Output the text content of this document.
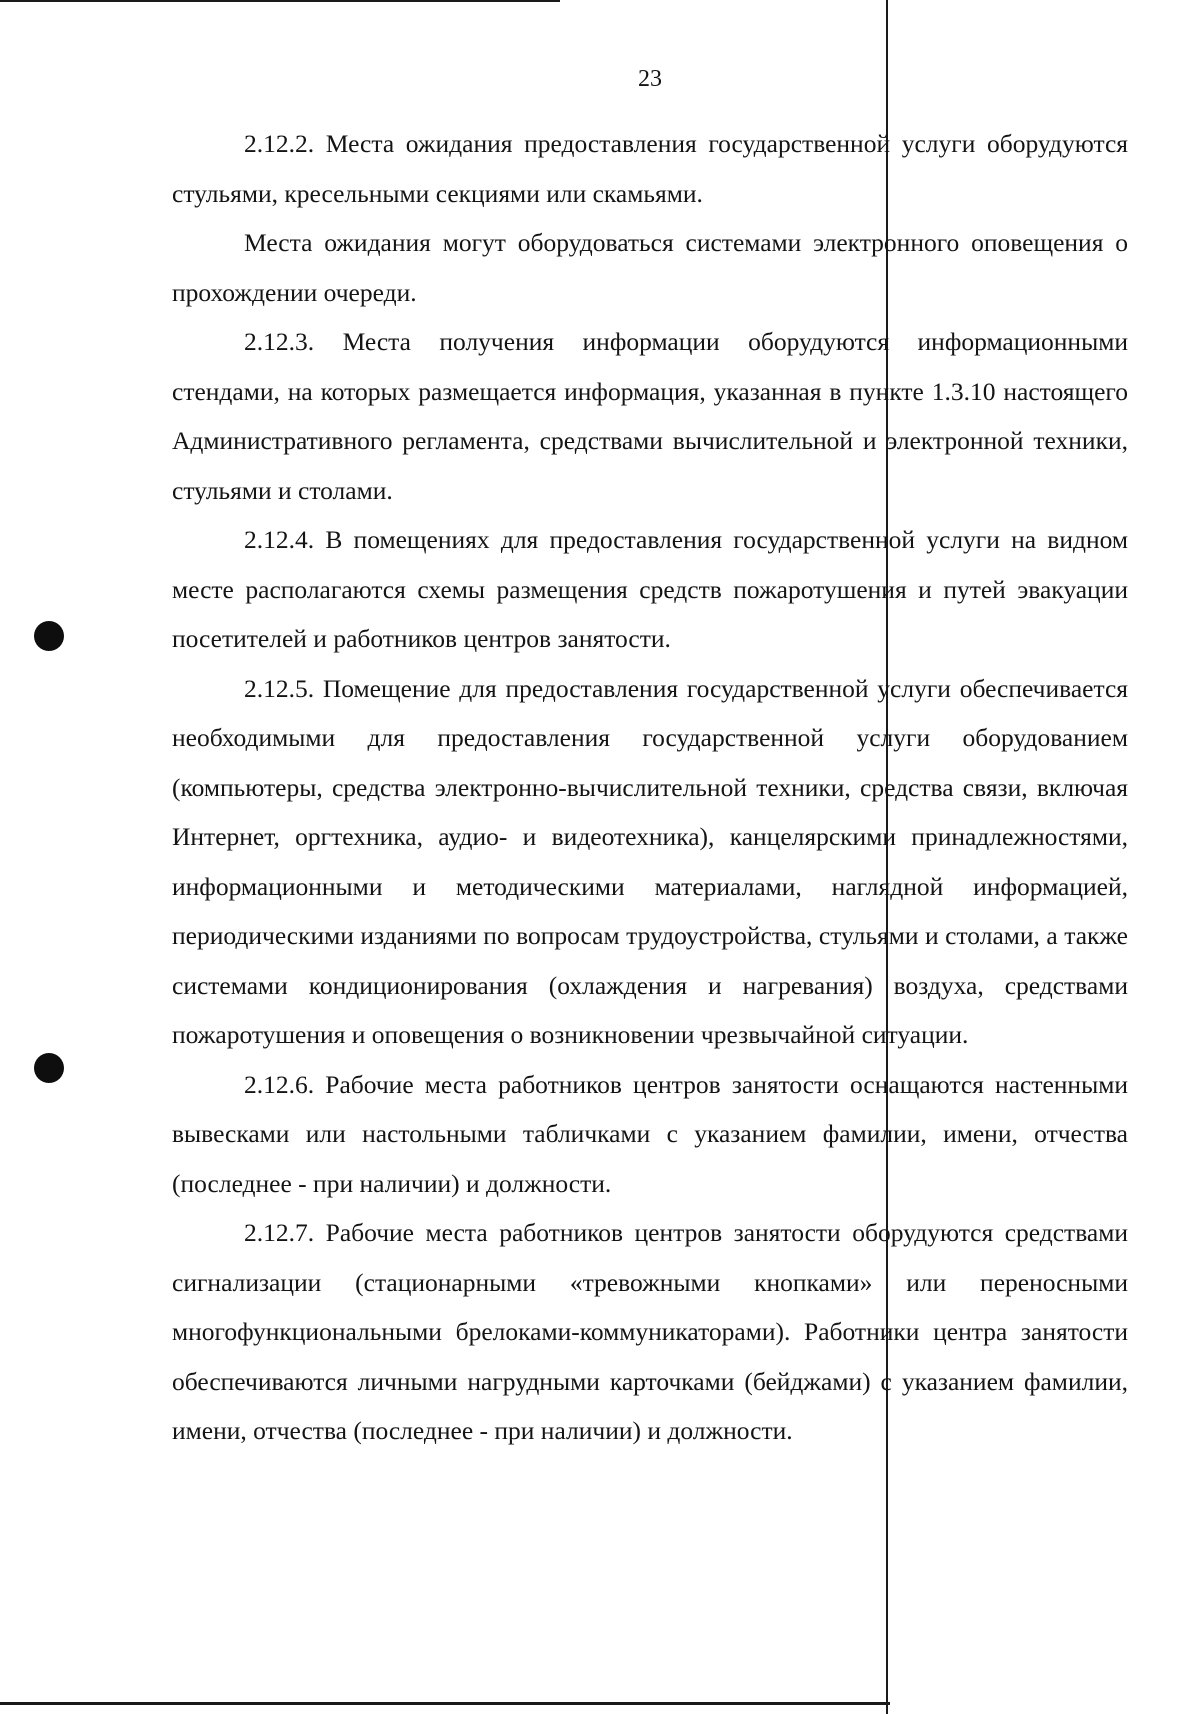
23

2.12.2. Места ожидания предоставления государственной услуги оборудуются стульями, кресельными секциями или скамьями.

Места ожидания могут оборудоваться системами электронного оповещения о прохождении очереди.

2.12.3. Места получения информации оборудуются информационными стендами, на которых размещается информация, указанная в пункте 1.3.10 настоящего Административного регламента, средствами вычислительной и электронной техники, стульями и столами.

2.12.4. В помещениях для предоставления государственной услуги на видном месте располагаются схемы размещения средств пожаротушения и путей эвакуации посетителей и работников центров занятости.

2.12.5. Помещение для предоставления государственной услуги обеспечивается необходимыми для предоставления государственной услуги оборудованием (компьютеры, средства электронно-вычислительной техники, средства связи, включая Интернет, оргтехника, аудио- и видеотехника), канцелярскими принадлежностями, информационными и методическими материалами, наглядной информацией, периодическими изданиями по вопросам трудоустройства, стульями и столами, а также системами кондиционирования (охлаждения и нагревания) воздуха, средствами пожаротушения и оповещения о возникновении чрезвычайной ситуации.

2.12.6. Рабочие места работников центров занятости оснащаются настенными вывесками или настольными табличками с указанием фамилии, имени, отчества (последнее - при наличии) и должности.

2.12.7. Рабочие места работников центров занятости оборудуются средствами сигнализации (стационарными «тревожными кнопками» или переносными многофункциональными брелоками-коммуникаторами). Работники центра занятости обеспечиваются личными нагрудными карточками (бейджами) с указанием фамилии, имени, отчества (последнее - при наличии) и должности.
